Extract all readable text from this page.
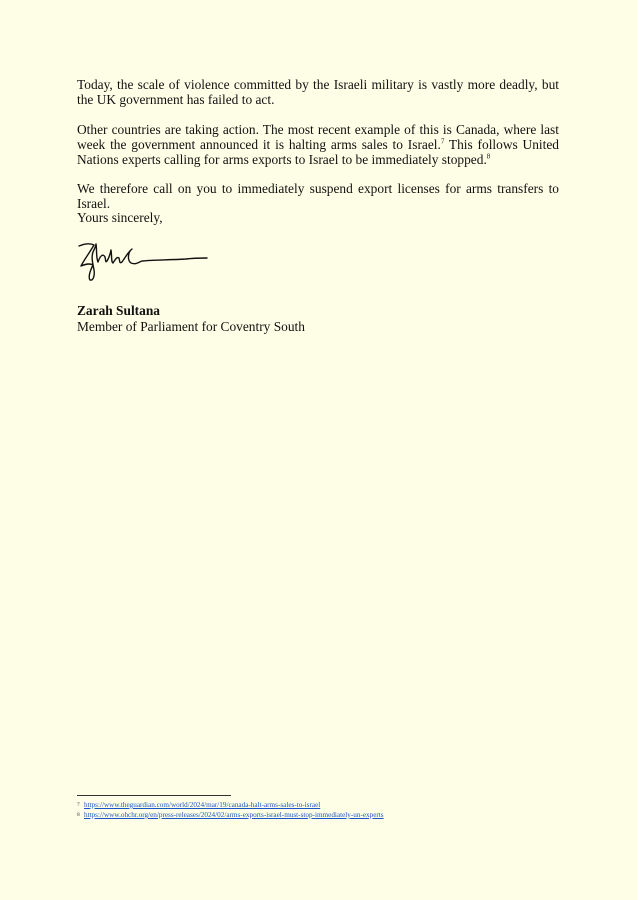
Today, the scale of violence committed by the Israeli military is vastly more deadly, but the UK government has failed to act.

Other countries are taking action. The most recent example of this is Canada, where last week the government announced it is halting arms sales to Israel.$^7$ This follows United Nations experts calling for arms exports to Israel to be immediately stopped.$^8$

We therefore call on you to immediately suspend export licenses for arms transfers to Israel.

Yours sincerely,

Zarah Sultana
Member of Parliament for Coventry South
7 https://www.theguardian.com/world/2024/mar/19/canada-halt-arms-sales-to-israel
8 https://www.ohchr.org/en/press-releases/2024/02/arms-exports-israel-must-stop-immediately-un-experts
